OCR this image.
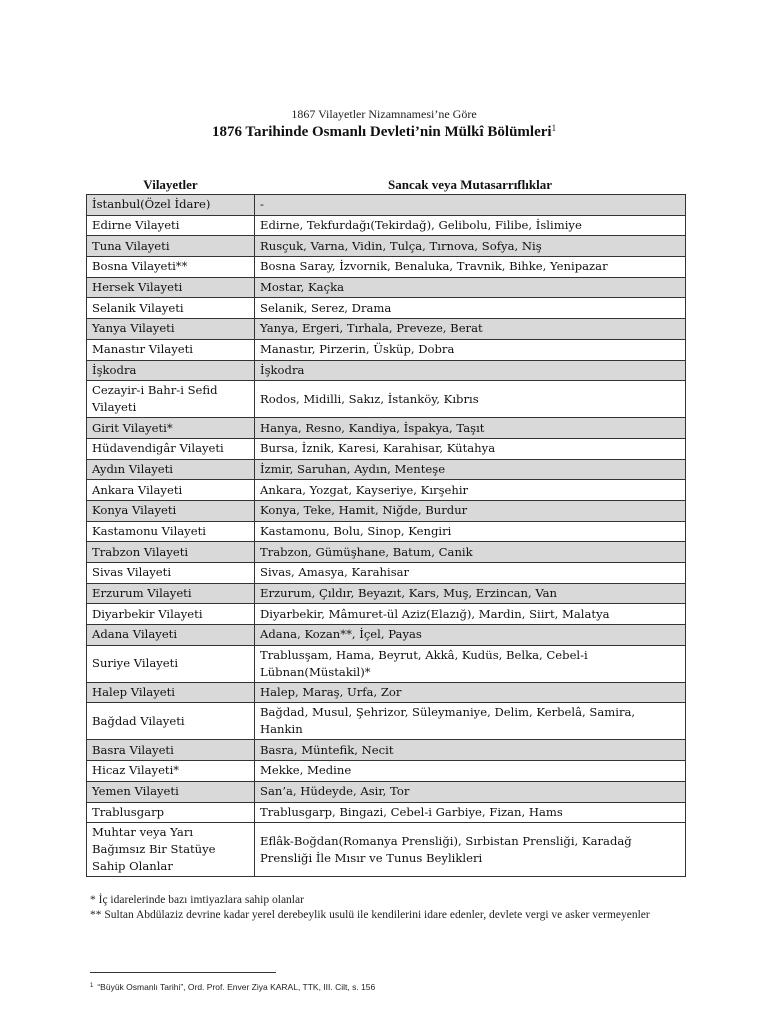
1867 Vilayetler Nizamnamesi’ne Göre
1876 Tarihinde Osmanlı Devleti’nin Mülkî Bölümleri$^1$
Vilayetler	Sancak veya Mutasarrıflıklar
İstanbul(Özel İdare)	-
Edirne Vilayeti	Edirne, Tekfurdağı(Tekirdağ), Gelibolu, Filibe, İslimiye
Tuna Vilayeti	Rusçuk, Varna, Vidin, Tulça, Tırnova, Sofya, Niş
Bosna Vilayeti**	Bosna Saray, İzvornik, Benaluka, Travnik, Bihke, Yenipazar
Hersek Vilayeti	Mostar, Kaçka
Selanik Vilayeti	Selanik, Serez, Drama
Yanya Vilayeti	Yanya, Ergeri, Tırhala, Preveze, Berat
Manastır Vilayeti	Manastır, Pirzerin, Üsküp, Dobra
İşkodra	İşkodra
Cezayir-i Bahr-i Sefid Vilayeti	Rodos, Midilli, Sakız, İstanköy, Kıbrıs
Girit Vilayeti*	Hanya, Resno, Kandiya, İspakya, Taşıt
Hüdavendigâr Vilayeti	Bursa, İznik, Karesi, Karahisar, Kütahya
Aydın Vilayeti	İzmir, Saruhan, Aydın, Menteşe
Ankara Vilayeti	Ankara, Yozgat, Kayseriye, Kırşehir
Konya Vilayeti	Konya, Teke, Hamit, Niğde, Burdur
Kastamonu Vilayeti	Kastamonu, Bolu, Sinop, Kengiri
Trabzon Vilayeti	Trabzon, Gümüşhane, Batum, Canik
Sivas Vilayeti	Sivas, Amasya, Karahisar
Erzurum Vilayeti	Erzurum, Çıldır, Beyazıt, Kars, Muş, Erzincan, Van
Diyarbekir Vilayeti	Diyarbekir, Mâmuret-ül Aziz(Elazığ), Mardin, Siirt, Malatya
Adana Vilayeti	Adana, Kozan**, İçel, Payas
Suriye Vilayeti	Trablusşam, Hama, Beyrut, Akkâ, Kudüs, Belka, Cebel-i Lübnan(Müstakil)*
Halep Vilayeti	Halep, Maraş, Urfa, Zor
Bağdad Vilayeti	Bağdad, Musul, Şehrizor, Süleymaniye, Delim, Kerbelâ, Samira, Hankin
Basra Vilayeti	Basra, Müntefik, Necit
Hicaz Vilayeti*	Mekke, Medine
Yemen Vilayeti	San’a, Hüdeyde, Asir, Tor
Trablusgarp	Trablusgarp, Bingazi, Cebel-i Garbiye, Fizan, Hams
Muhtar veya Yarı Bağımsız Bir Statüye Sahip Olanlar	Eflâk-Boğdan(Romanya Prensliği), Sırbistan Prensliği, Karadağ Prensliği İle Mısır ve Tunus Beylikleri
* İç idarelerinde bazı imtiyazlara sahip olanlar
** Sultan Abdülaziz devrine kadar yerel derebeylik usulü ile kendilerini idare edenler, devlete vergi ve asker vermeyenler
$^1$ “Büyük Osmanlı Tarihi”, Ord. Prof. Enver Ziya KARAL, TTK, III. Cilt, s. 156
